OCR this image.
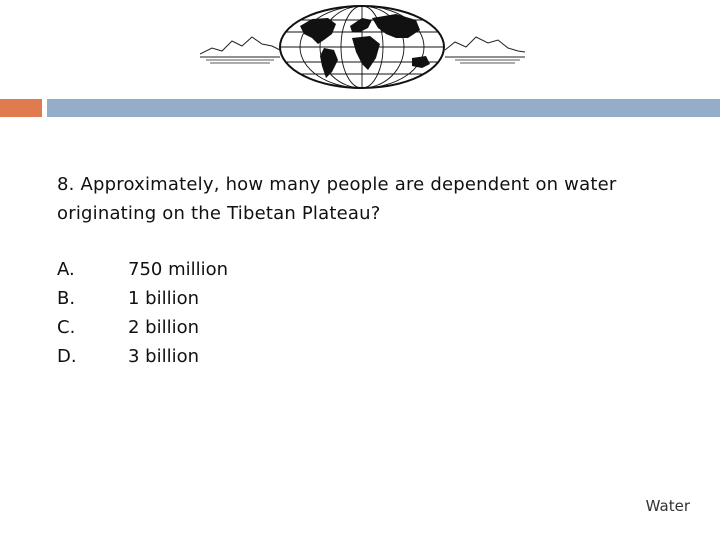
8. Approximately, how many people are dependent on water originating on the Tibetan Plateau?

A.	750 million
B.	1 billion
C.	2 billion
D.	3 billion
Water
